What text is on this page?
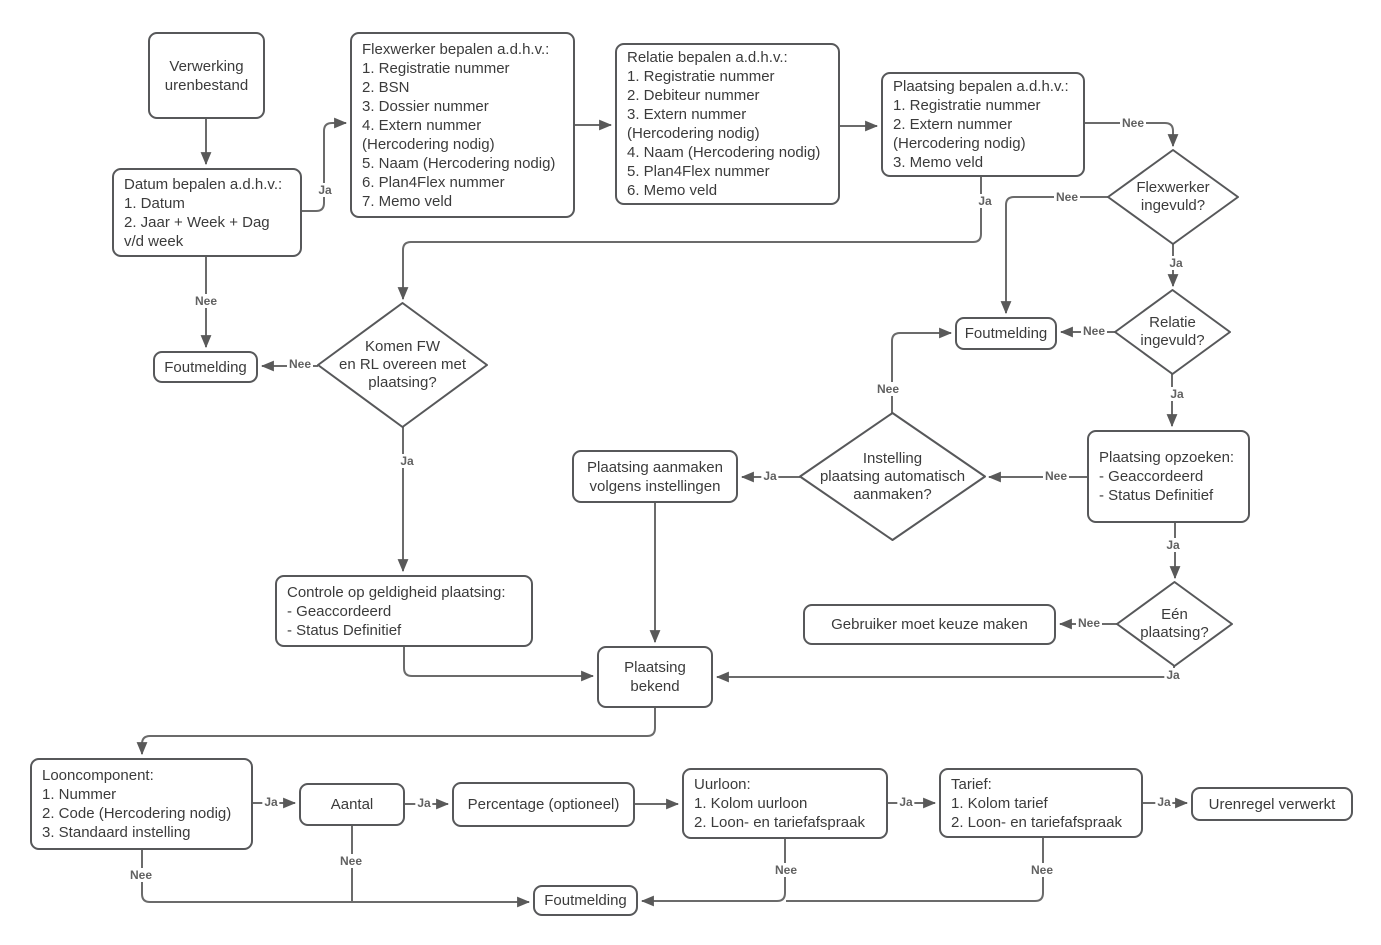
Verwerking
urenbestand
Datum bepalen a.d.h.v.:
1. Datum
2. Jaar + Week + Dag
v/d week
Flexwerker bepalen a.d.h.v.:
1. Registratie nummer
2. BSN
3. Dossier nummer
4. Extern nummer
(Hercodering nodig)
5. Naam (Hercodering nodig)
6. Plan4Flex nummer
7. Memo veld
Relatie bepalen a.d.h.v.:
1. Registratie nummer
2. Debiteur nummer
3. Extern nummer
(Hercodering nodig)
4. Naam (Hercodering nodig)
5. Plan4Flex nummer
6. Memo veld
Plaatsing bepalen a.d.h.v.:
1. Registratie nummer
2. Extern nummer
(Hercodering nodig)
3. Memo veld
Flexwerker
ingevuld?
Relatie
ingevuld?
Foutmelding
Plaatsing opzoeken:
- Geaccordeerd
- Status Definitief
Instelling
plaatsing automatisch
aanmaken?
Plaatsing aanmaken
volgens instellingen
Komen FW
en RL overeen met
plaatsing?
Foutmelding
Controle op geldigheid plaatsing:
- Geaccordeerd
- Status Definitief	Gebruiker moet keuze maken
Eén
plaatsing?
Plaatsing
bekend
Looncomponent:
1. Nummer
2. Code (Hercodering nodig)
3. Standaard instelling
Aantal	Percentage (optioneel)
Uurloon:
1. Kolom uurloon
2. Loon- en tariefafspraak
Tarief:
1. Kolom tarief
2. Loon- en tariefafspraak
Urenregel verwerkt
Foutmelding
Ja
Nee
Ja
Nee
Nee
Ja
Nee
Nee
Ja
Ja
Nee
Ja
Ja
Nee
Nee
Ja
Ja	Ja	Ja	Ja
Nee
Nee
Nee	Nee
